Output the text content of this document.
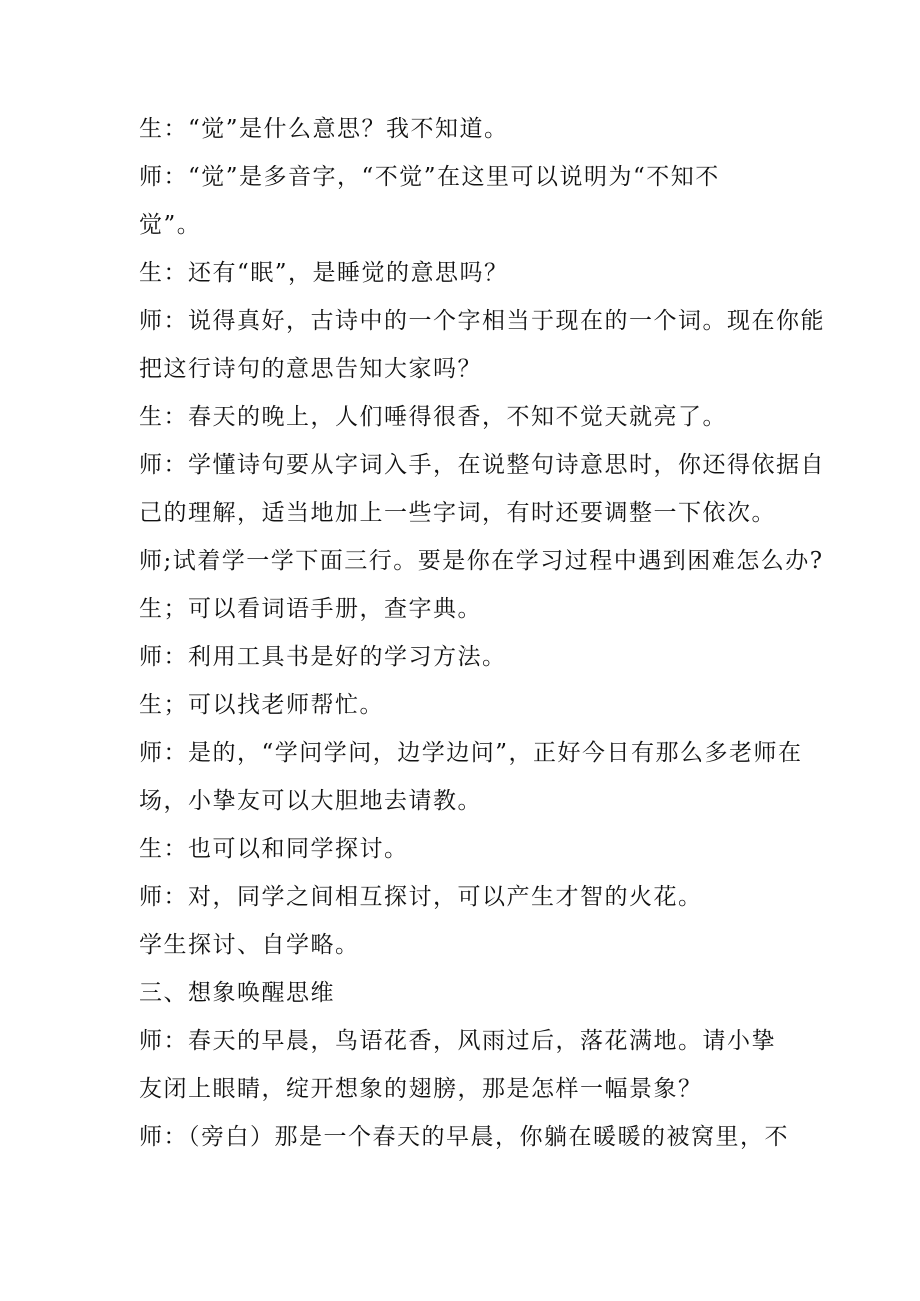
生：“觉”是什么意思？我不知道。

师：“觉”是多音字，“不觉”在这里可以说明为“不知不

觉”。

生：还有“眠”，是睡觉的意思吗？

师：说得真好，古诗中的一个字相当于现在的一个词。现在你能

把这行诗句的意思告知大家吗？

生：春天的晚上，人们唾得很香，不知不觉天就亮了。

师：学懂诗句要从字词入手，在说整句诗意思时，你还得依据自

己的理解，适当地加上一些字词，有时还要调整一下依次。

师;试着学一学下面三行。要是你在学习过程中遇到困难怎么办?

生；可以看词语手册，查字典。

师：利用工具书是好的学习方法。

生；可以找老师帮忙。

师：是的，“学问学问，边学边问”，正好今日有那么多老师在

场，小挚友可以大胆地去请教。

生：也可以和同学探讨。

师：对，同学之间相互探讨，可以产生才智的火花。

学生探讨、自学略。

三、想象唤醒思维

师：春天的早晨，鸟语花香，风雨过后，落花满地。请小挚

友闭上眼睛，绽开想象的翅膀，那是怎样一幅景象？

师：（旁白）那是一个春天的早晨，你躺在暖暖的被窝里，不
